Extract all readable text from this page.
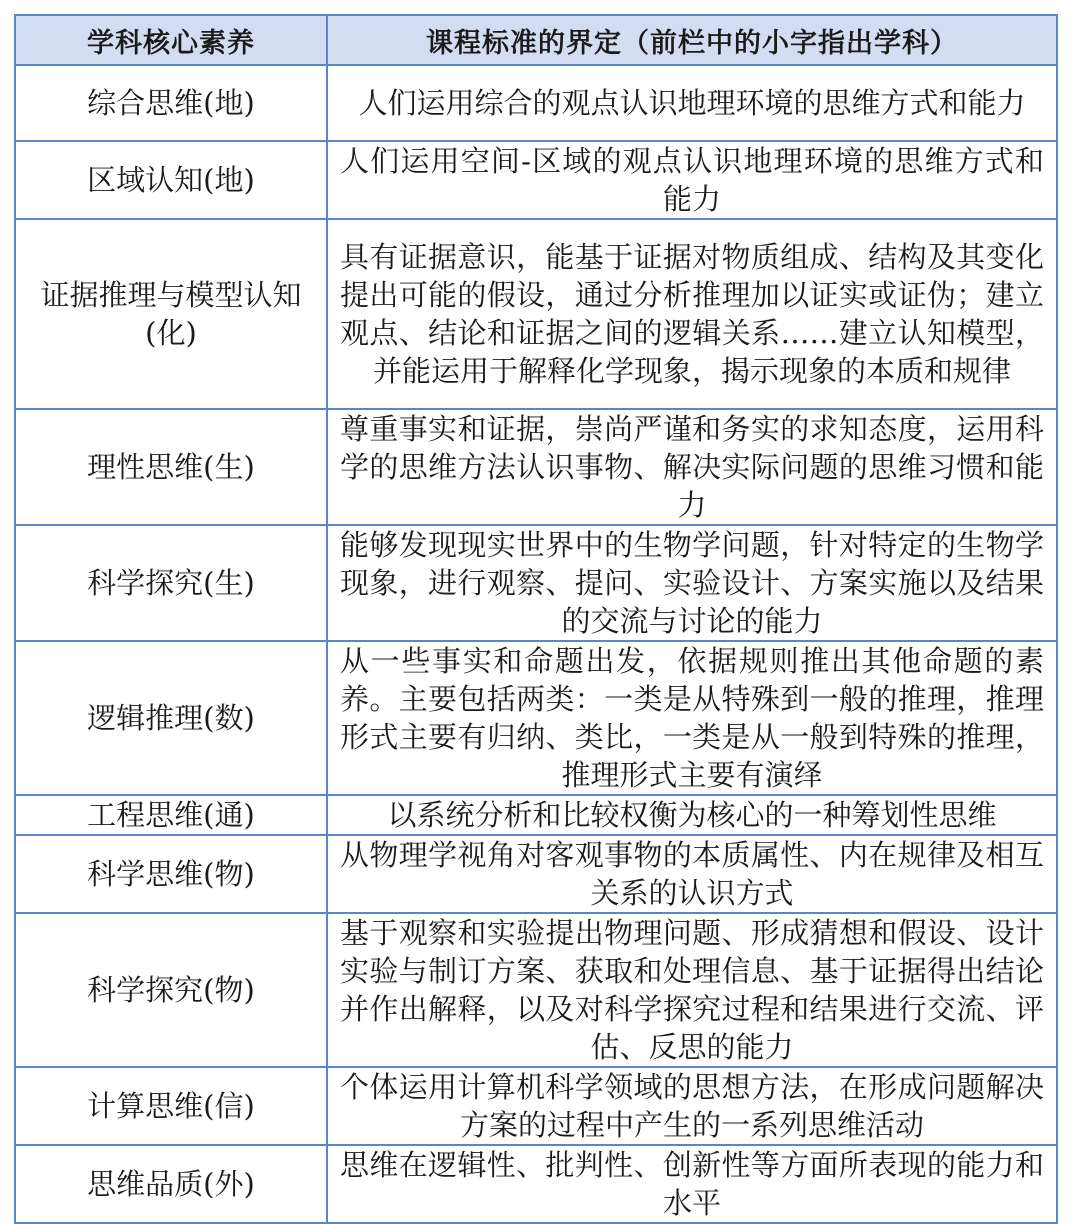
学科核心素养	课程标准的界定（前栏中的小字指出学科）
综合思维(地)	人们运用综合的观点认识地理环境的思维方式和能力
区域认知(地)	人们运用空间-区域的观点认识地理环境的思维方式和能力
证据推理与模型认知(化)	具有证据意识，能基于证据对物质组成、结构及其变化提出可能的假设，通过分析推理加以证实或证伪；建立观点、结论和证据之间的逻辑关系……建立认知模型，并能运用于解释化学现象，揭示现象的本质和规律
理性思维(生)	尊重事实和证据，崇尚严谨和务实的求知态度，运用科学的思维方法认识事物、解决实际问题的思维习惯和能力
科学探究(生)	能够发现现实世界中的生物学问题，针对特定的生物学现象，进行观察、提问、实验设计、方案实施以及结果的交流与讨论的能力
逻辑推理(数)	从一些事实和命题出发，依据规则推出其他命题的素养。主要包括两类：一类是从特殊到一般的推理，推理形式主要有归纳、类比，一类是从一般到特殊的推理，推理形式主要有演绎
工程思维(通)	以系统分析和比较权衡为核心的一种筹划性思维
科学思维(物)	从物理学视角对客观事物的本质属性、内在规律及相互关系的认识方式
科学探究(物)	基于观察和实验提出物理问题、形成猜想和假设、设计实验与制订方案、获取和处理信息、基于证据得出结论并作出解释，以及对科学探究过程和结果进行交流、评估、反思的能力
计算思维(信)	个体运用计算机科学领域的思想方法，在形成问题解决方案的过程中产生的一系列思维活动
思维品质(外)	思维在逻辑性、批判性、创新性等方面所表现的能力和水平
